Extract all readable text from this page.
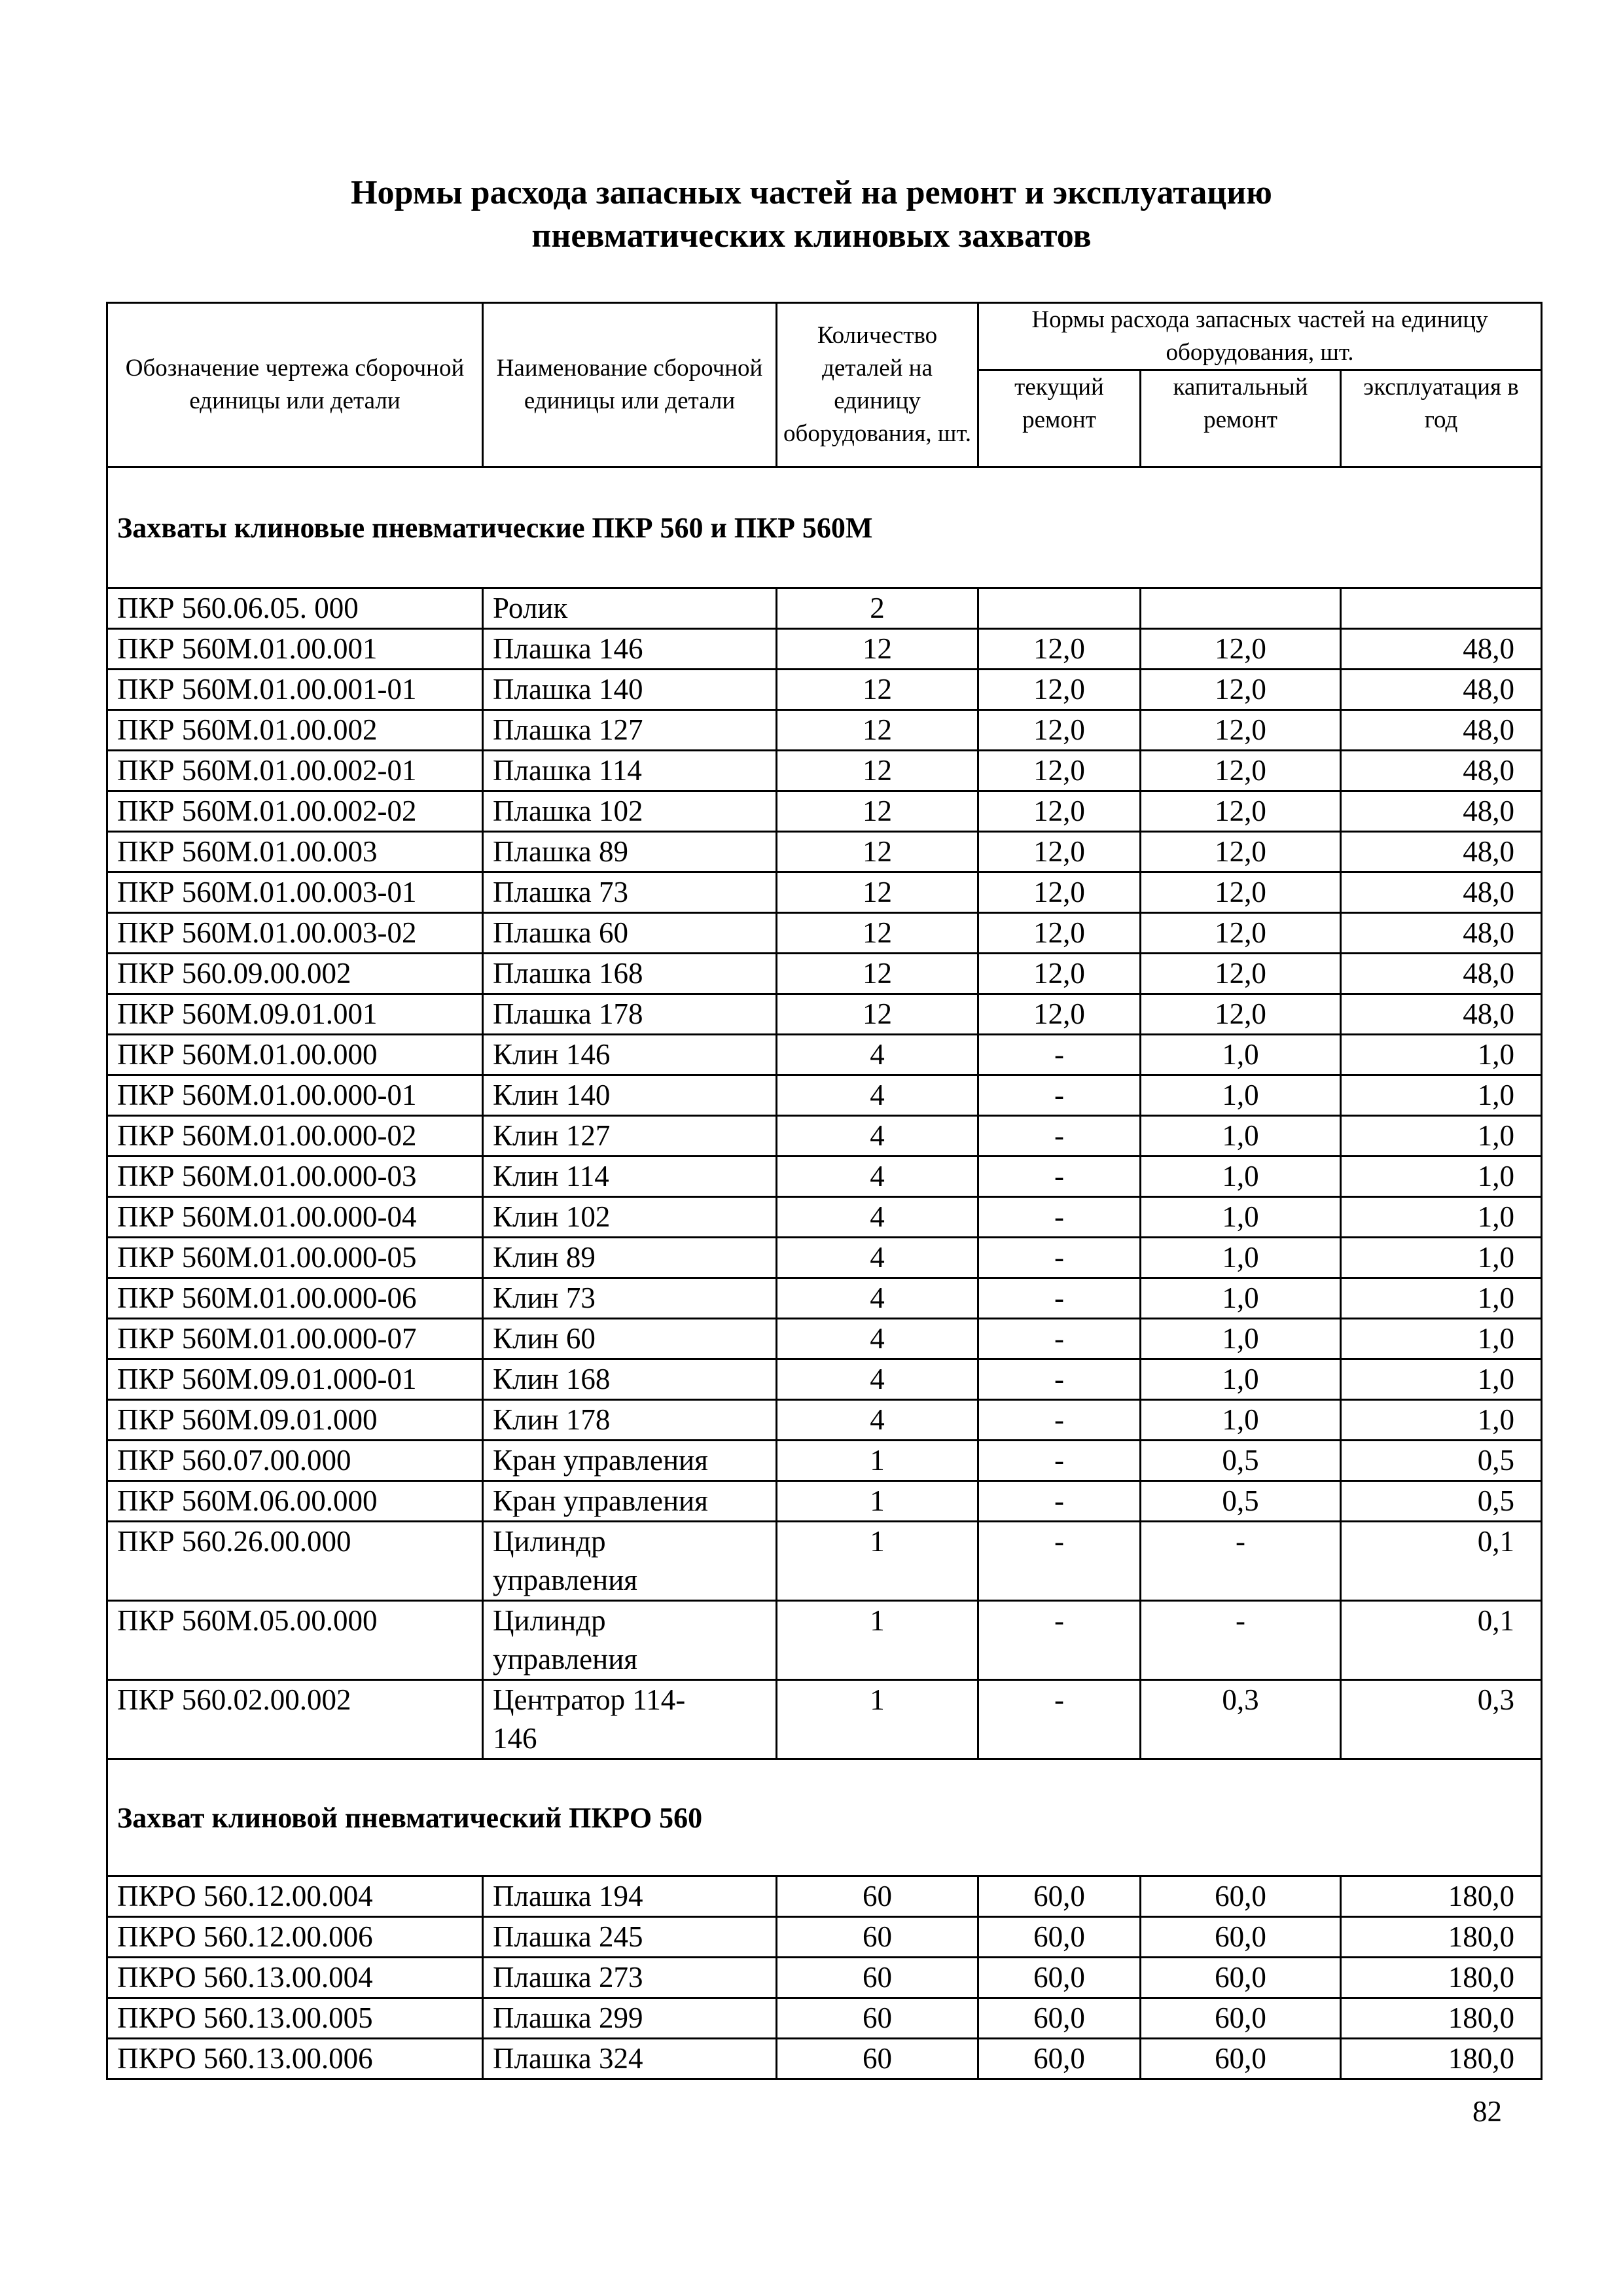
Нормы расхода запасных частей на ремонт и эксплуатацию
пневматических клиновых захватов
Обозначение чертежа сборочной единицы или детали	Наименование сборочной единицы или детали	Количество деталей на единицу оборудования, шт.	Нормы расхода запасных частей на единицу оборудования, шт.		
			текущий ремонт	капитальный ремонт	эксплуатация в год
Захваты клиновые пневматические ПКР 560 и ПКР 560М					
ПКР 560.06.05. 000	Ролик	2			
ПКР 560М.01.00.001	Плашка 146	12	12,0	12,0	48,0
ПКР 560М.01.00.001-01	Плашка 140	12	12,0	12,0	48,0
ПКР 560М.01.00.002	Плашка 127	12	12,0	12,0	48,0
ПКР 560М.01.00.002-01	Плашка 114	12	12,0	12,0	48,0
ПКР 560М.01.00.002-02	Плашка 102	12	12,0	12,0	48,0
ПКР 560М.01.00.003	Плашка 89	12	12,0	12,0	48,0
ПКР 560М.01.00.003-01	Плашка 73	12	12,0	12,0	48,0
ПКР 560М.01.00.003-02	Плашка 60	12	12,0	12,0	48,0
ПКР 560.09.00.002	Плашка 168	12	12,0	12,0	48,0
ПКР 560М.09.01.001	Плашка 178	12	12,0	12,0	48,0
ПКР 560М.01.00.000	Клин 146	4	-	1,0	1,0
ПКР 560М.01.00.000-01	Клин 140	4	-	1,0	1,0
ПКР 560М.01.00.000-02	Клин 127	4	-	1,0	1,0
ПКР 560М.01.00.000-03	Клин 114	4	-	1,0	1,0
ПКР 560М.01.00.000-04	Клин 102	4	-	1,0	1,0
ПКР 560М.01.00.000-05	Клин 89	4	-	1,0	1,0
ПКР 560М.01.00.000-06	Клин 73	4	-	1,0	1,0
ПКР 560М.01.00.000-07	Клин 60	4	-	1,0	1,0
ПКР 560М.09.01.000-01	Клин 168	4	-	1,0	1,0
ПКР 560М.09.01.000	Клин 178	4	-	1,0	1,0
ПКР 560.07.00.000	Кран управления	1	-	0,5	0,5
ПКР 560М.06.00.000	Кран управления	1	-	0,5	0,5
ПКР 560.26.00.000	Цилиндр управления	1	-	-	0,1
ПКР 560М.05.00.000	Цилиндр управления	1	-	-	0,1
ПКР 560.02.00.002	Центратор 114-146	1	-	0,3	0,3
Захват клиновой пневматический ПКРО 560					
ПКРО 560.12.00.004	Плашка 194	60	60,0	60,0	180,0
ПКРО 560.12.00.006	Плашка 245	60	60,0	60,0	180,0
ПКРО 560.13.00.004	Плашка 273	60	60,0	60,0	180,0
ПКРО 560.13.00.005	Плашка 299	60	60,0	60,0	180,0
ПКРО 560.13.00.006	Плашка 324	60	60,0	60,0	180,0
82
